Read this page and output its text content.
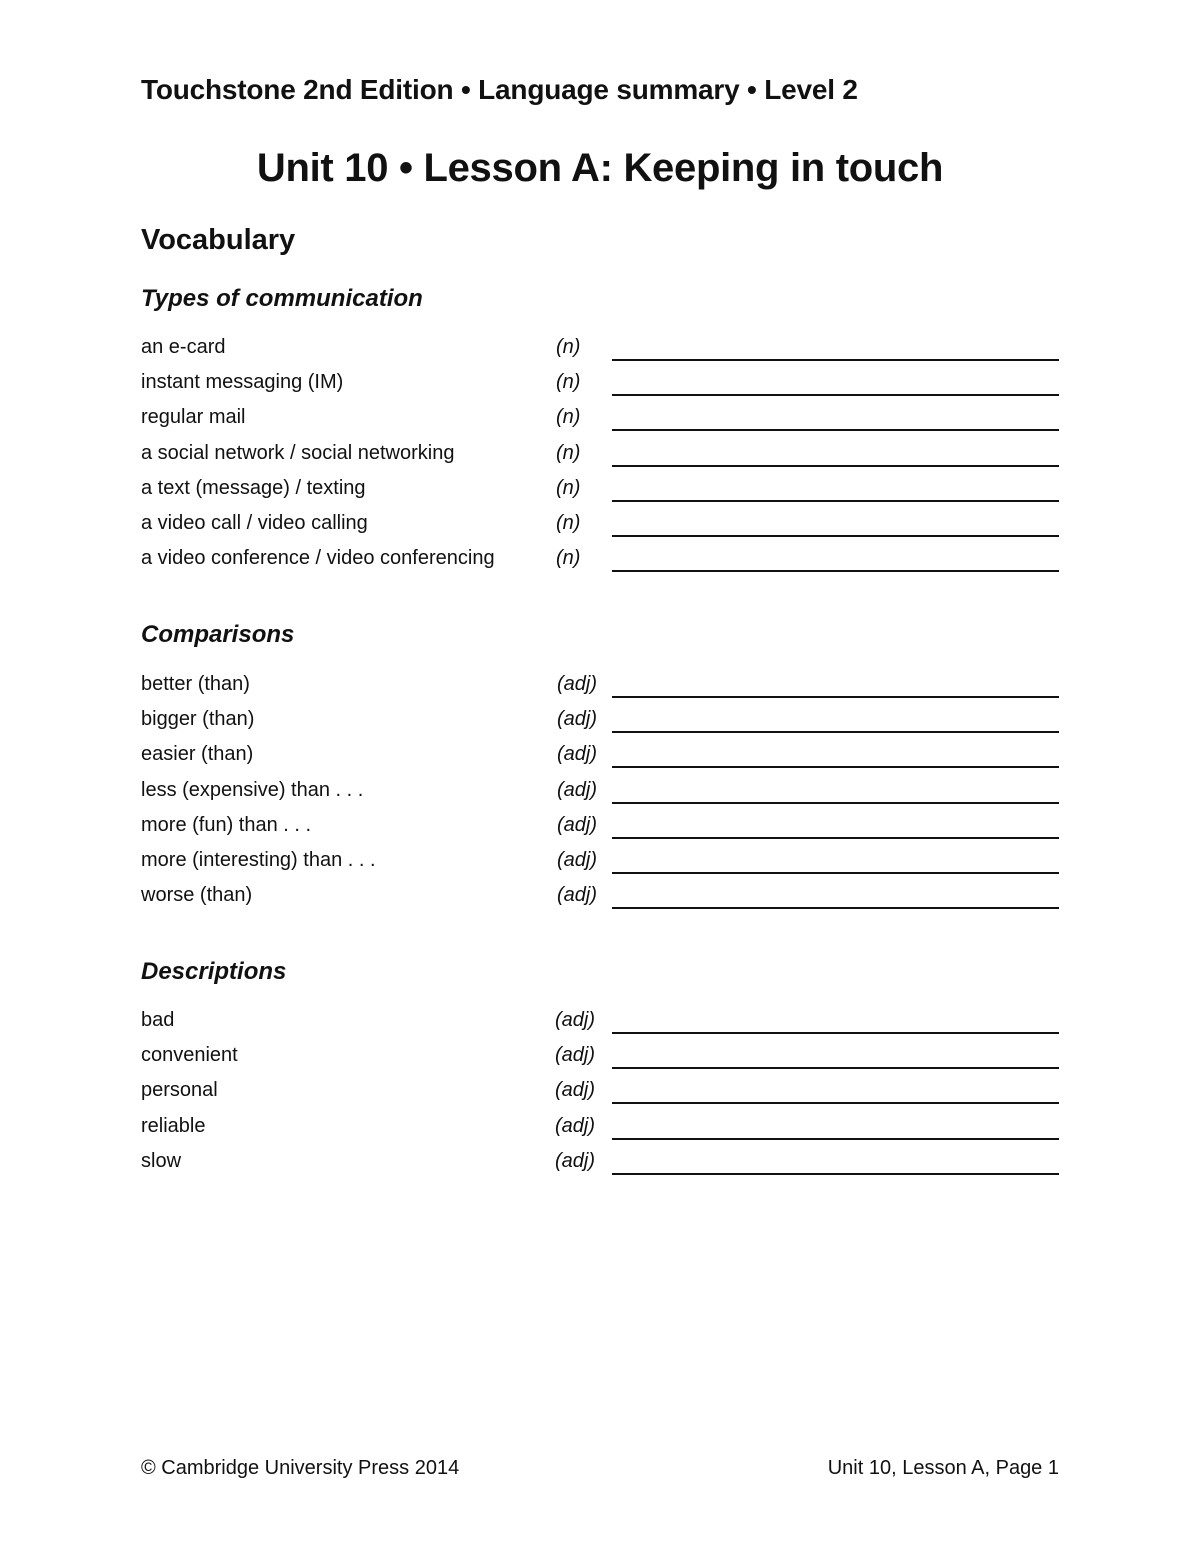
Touchstone 2nd Edition • Language summary • Level 2
Unit 10 • Lesson A: Keeping in touch
Vocabulary
Types of communication
an e-card	(n)
instant messaging (IM)	(n)
regular mail	(n)
a social network / social networking	(n)
a text (message) / texting	(n)
a video call / video calling	(n)
a video conference / video conferencing	(n)
Comparisons
better (than)	(adj)
bigger (than)	(adj)
easier (than)	(adj)
less (expensive) than . . .	(adj)
more (fun) than . . .	(adj)
more (interesting) than . . .	(adj)
worse (than)	(adj)
Descriptions
bad	(adj)
convenient	(adj)
personal	(adj)
reliable	(adj)
slow	(adj)
© Cambridge University Press 2014	Unit 10, Lesson A, Page 1
